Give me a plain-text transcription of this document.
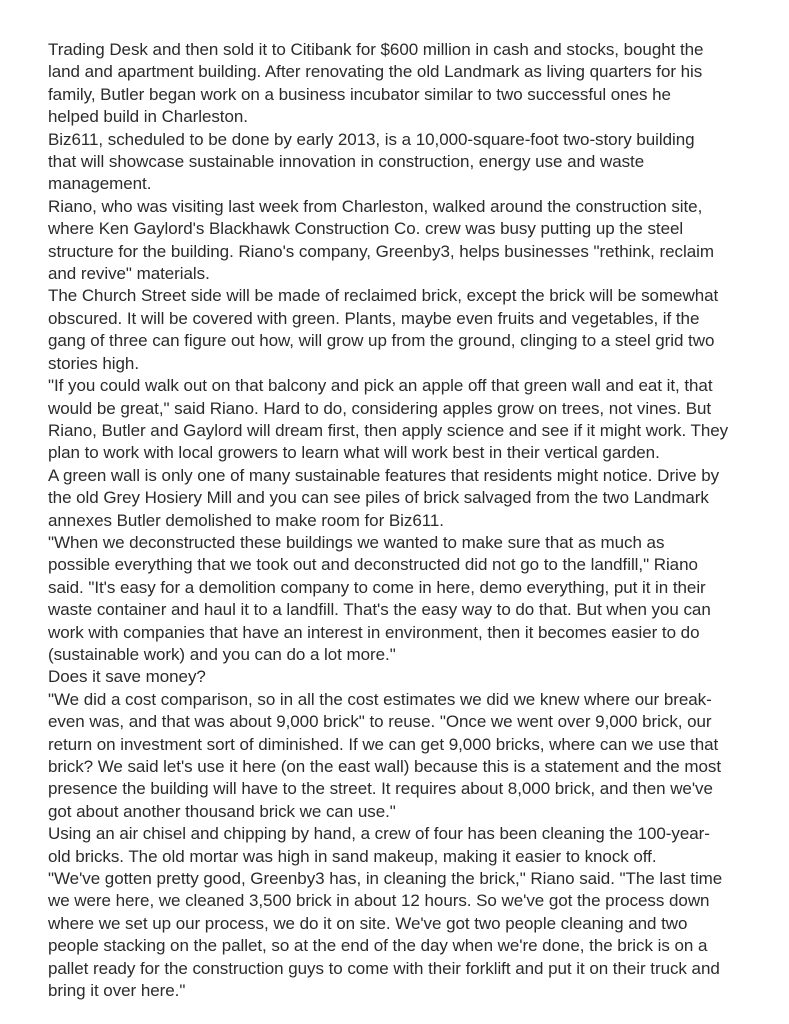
Trading Desk and then sold it to Citibank for $600 million in cash and stocks, bought the
land and apartment building. After renovating the old Landmark as living quarters for his
family, Butler began work on a business incubator similar to two successful ones he
helped build in Charleston.

Biz611, scheduled to be done by early 2013, is a 10,000-square-foot two-story building
that will showcase sustainable innovation in construction, energy use and waste
management.

Riano, who was visiting last week from Charleston, walked around the construction site,
where Ken Gaylord's Blackhawk Construction Co. crew was busy putting up the steel
structure for the building. Riano's company, Greenby3, helps businesses "rethink, reclaim
and revive" materials.

The Church Street side will be made of reclaimed brick, except the brick will be somewhat
obscured. It will be covered with green. Plants, maybe even fruits and vegetables, if the
gang of three can figure out how, will grow up from the ground, clinging to a steel grid two
stories high.

"If you could walk out on that balcony and pick an apple off that green wall and eat it, that
would be great," said Riano. Hard to do, considering apples grow on trees, not vines. But
Riano, Butler and Gaylord will dream first, then apply science and see if it might work. They
plan to work with local growers to learn what will work best in their vertical garden.

A green wall is only one of many sustainable features that residents might notice. Drive by
the old Grey Hosiery Mill and you can see piles of brick salvaged from the two Landmark
annexes Butler demolished to make room for Biz611.

"When we deconstructed these buildings we wanted to make sure that as much as
possible everything that we took out and deconstructed did not go to the landfill," Riano
said. "It's easy for a demolition company to come in here, demo everything, put it in their
waste container and haul it to a landfill. That's the easy way to do that. But when you can
work with companies that have an interest in environment, then it becomes easier to do
(sustainable work) and you can do a lot more."

Does it save money?

"We did a cost comparison, so in all the cost estimates we did we knew where our break-
even was, and that was about 9,000 brick" to reuse. "Once we went over 9,000 brick, our
return on investment sort of diminished. If we can get 9,000 bricks, where can we use that
brick? We said let's use it here (on the east wall) because this is a statement and the most
presence the building will have to the street. It requires about 8,000 brick, and then we've
got about another thousand brick we can use."

Using an air chisel and chipping by hand, a crew of four has been cleaning the 100-year-
old bricks. The old mortar was high in sand makeup, making it easier to knock off.

"We've gotten pretty good, Greenby3 has, in cleaning the brick," Riano said. "The last time
we were here, we cleaned 3,500 brick in about 12 hours. So we've got the process down
where we set up our process, we do it on site. We've got two people cleaning and two
people stacking on the pallet, so at the end of the day when we're done, the brick is on a
pallet ready for the construction guys to come with their forklift and put it on their truck and
bring it over here."
